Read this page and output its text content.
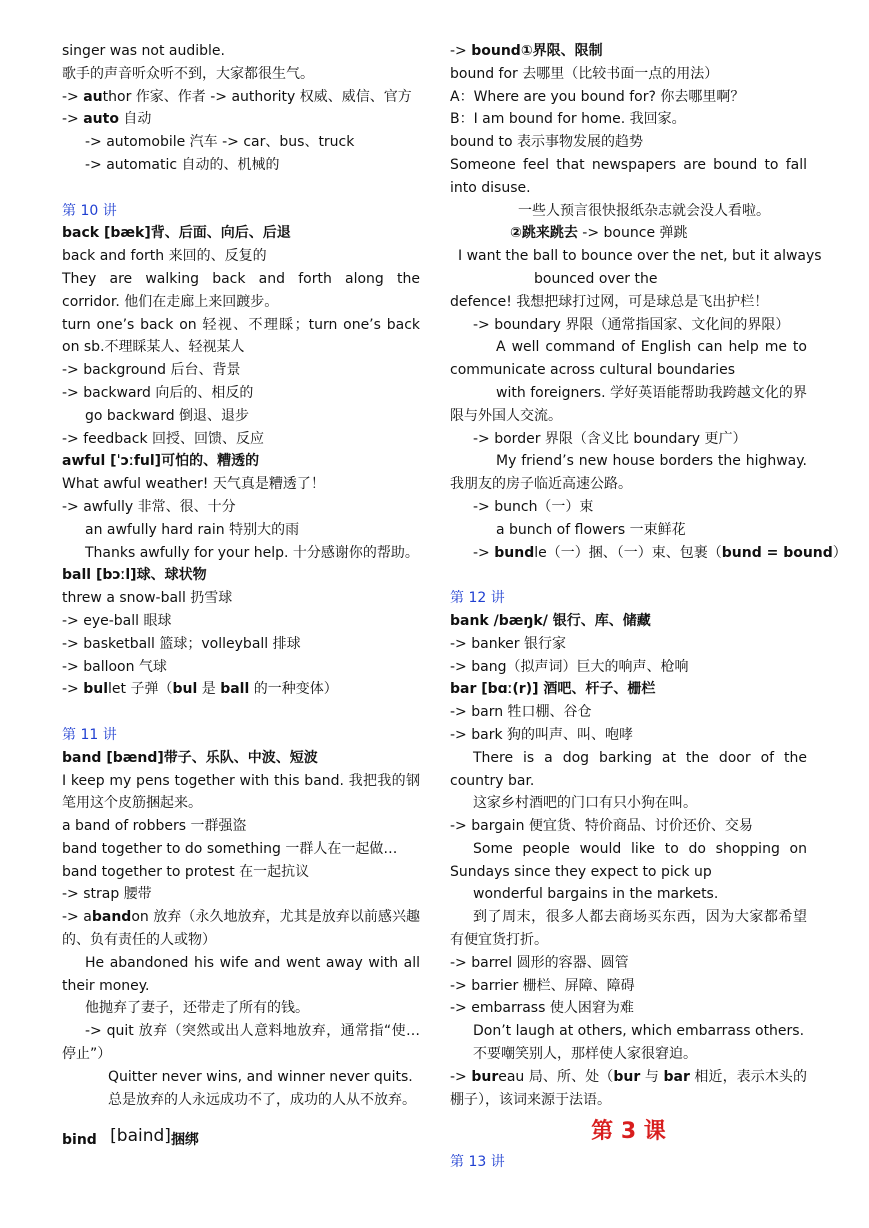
singer was not audible.
歌手的声音听众听不到，大家都很生气。
-> author 作家、作者 -> authority 权威、威信、官方
-> auto 自动
-> automobile 汽车 -> car、bus、truck
-> automatic 自动的、机械的
第 10 讲
back [bæk]背、后面、向后、后退
back and forth 来回的、反复的
They are walking back and forth along the corridor. 他们在走廊上来回踱步。
turn one’s back on 轻视、不理睬；turn one’s back on sb.不理睬某人、轻视某人
-> background 后台、背景
-> backward 向后的、相反的
go backward 倒退、退步
-> feedback 回授、回馈、反应
awful [ˈɔːful]可怕的、糟透的
What awful weather! 天气真是糟透了！
-> awfully 非常、很、十分
an awfully hard rain 特别大的雨
Thanks awfully for your help. 十分感谢你的帮助。
ball [bɔːl]球、球状物
threw a snow-ball 扔雪球
-> eye-ball 眼球
-> basketball 篮球；volleyball 排球
-> balloon 气球
-> bullet 子弹（bul 是 ball 的一种变体）
第 11 讲
band [bænd]带子、乐队、中波、短波
I keep my pens together with this band. 我把我的钢笔用这个皮筋捆起来。
a band of robbers 一群强盗
band together to do something 一群人在一起做…
band together to protest 在一起抗议
-> strap 腰带
-> abandon 放弃（永久地放弃，尤其是放弃以前感兴趣的、负有责任的人或物）
He abandoned his wife and went away with all their money.
他抛弃了妻子，还带走了所有的钱。
-> quit 放弃（突然或出人意料地放弃，通常指“使…停止”）
Quitter never wins, and winner never quits.
总是放弃的人永远成功不了，成功的人从不放弃。
bind [baind]捆绑
-> bound①界限、限制
bound for 去哪里（比较书面一点的用法）
A：Where are you bound for? 你去哪里啊？
B：I am bound for home. 我回家。
bound to 表示事物发展的趋势
Someone feel that newspapers are bound to fall into disuse.
一些人预言很快报纸杂志就会没人看啦。
②跳来跳去 -> bounce 弹跳
I want the ball to bounce over the net, but it always
bounced over the
defence! 我想把球打过网，可是球总是飞出护栏！
-> boundary 界限（通常指国家、文化间的界限）
A well command of English can help me to communicate across cultural boundaries
with foreigners. 学好英语能帮助我跨越文化的界限与外国人交流。
-> border 界限（含义比 boundary 更广）
My friend’s new house borders the highway. 我朋友的房子临近高速公路。
-> bunch（一）束
a bunch of flowers 一束鲜花
-> bundle（一）捆、（一）束、包裹（bund = bound）
第 12 讲
bank /bæŋk/ 银行、库、储藏
-> banker 银行家
-> bang（拟声词）巨大的响声、枪响
bar [bɑː(r)] 酒吧、杆子、栅栏
-> barn 牲口棚、谷仓
-> bark 狗的叫声、叫、咆哮
There is a dog barking at the door of the country bar.
这家乡村酒吧的门口有只小狗在叫。
-> bargain 便宜货、特价商品、讨价还价、交易
Some people would like to do shopping on Sundays since they expect to pick up
wonderful bargains in the markets.
到了周末，很多人都去商场买东西，因为大家都希望有便宜货打折。
-> barrel 圆形的容器、圆管
-> barrier 栅栏、屏障、障碍
-> embarrass 使人困窘为难
Don’t laugh at others, which embarrass others.
不要嘲笑别人，那样使人家很窘迫。
-> bureau 局、所、处（bur 与 bar 相近，表示木头的棚子），该词来源于法语。
第 3 课
第 13 讲
